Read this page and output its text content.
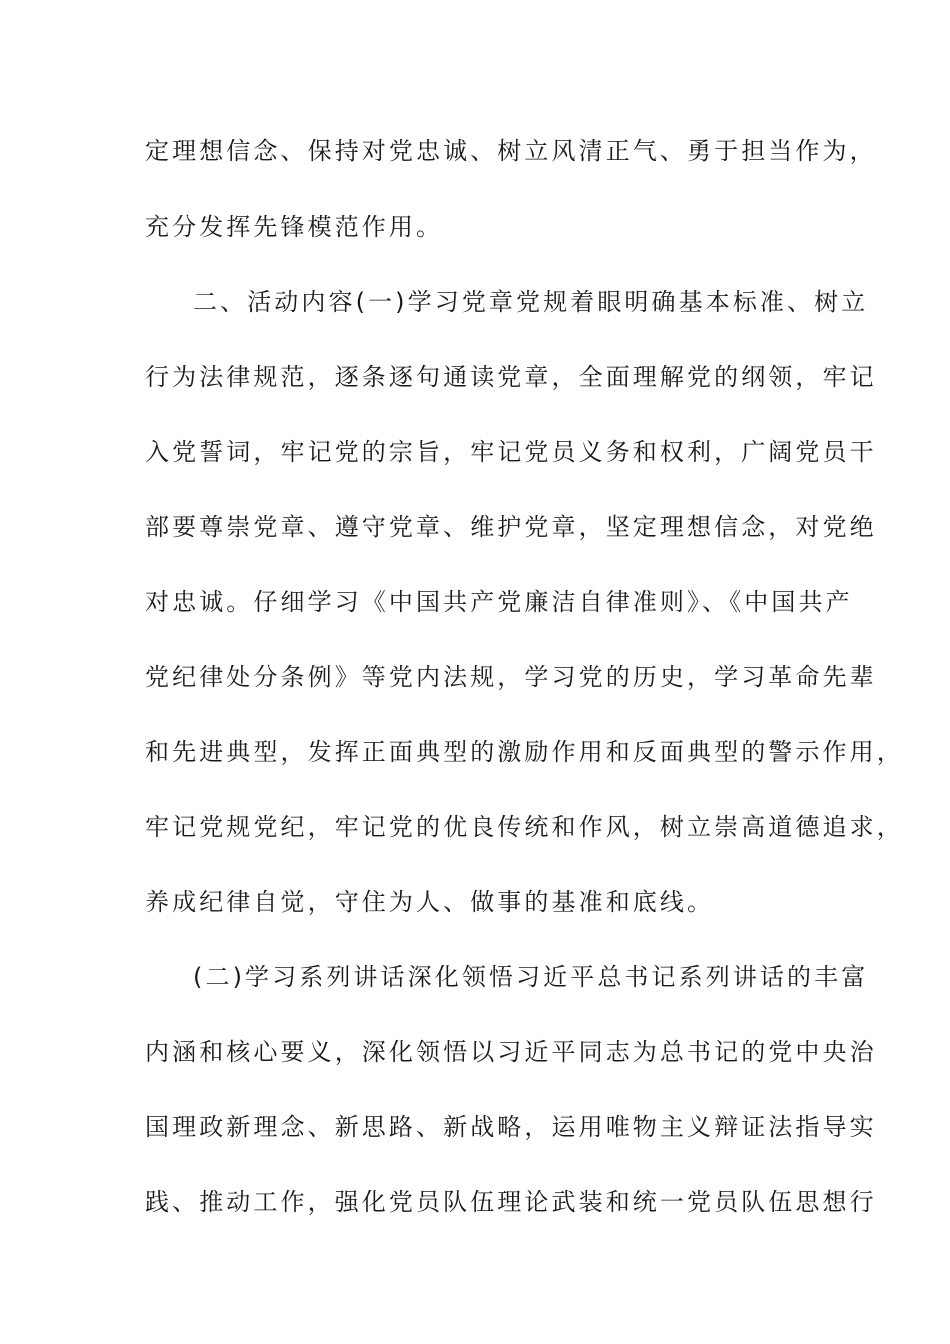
定理想信念、保持对党忠诚、树立风清正气、勇于担当作为，
充分发挥先锋模范作用。
二、活动内容(一)学习党章党规着眼明确基本标准、树立
行为法律规范，逐条逐句通读党章，全面理解党的纲领，牢记
入党誓词，牢记党的宗旨，牢记党员义务和权利，广阔党员干
部要尊崇党章、遵守党章、维护党章，坚定理想信念，对党绝
对忠诚。仔细学习《中国共产党廉洁自律准则》、《中国共产
党纪律处分条例》等党内法规，学习党的历史，学习革命先辈
和先进典型，发挥正面典型的激励作用和反面典型的警示作用，
牢记党规党纪，牢记党的优良传统和作风，树立崇高道德追求，
养成纪律自觉，守住为人、做事的基准和底线。
(二)学习系列讲话深化领悟习近平总书记系列讲话的丰富
内涵和核心要义，深化领悟以习近平同志为总书记的党中央治
国理政新理念、新思路、新战略，运用唯物主义辩证法指导实
践、推动工作，强化党员队伍理论武装和统一党员队伍思想行
